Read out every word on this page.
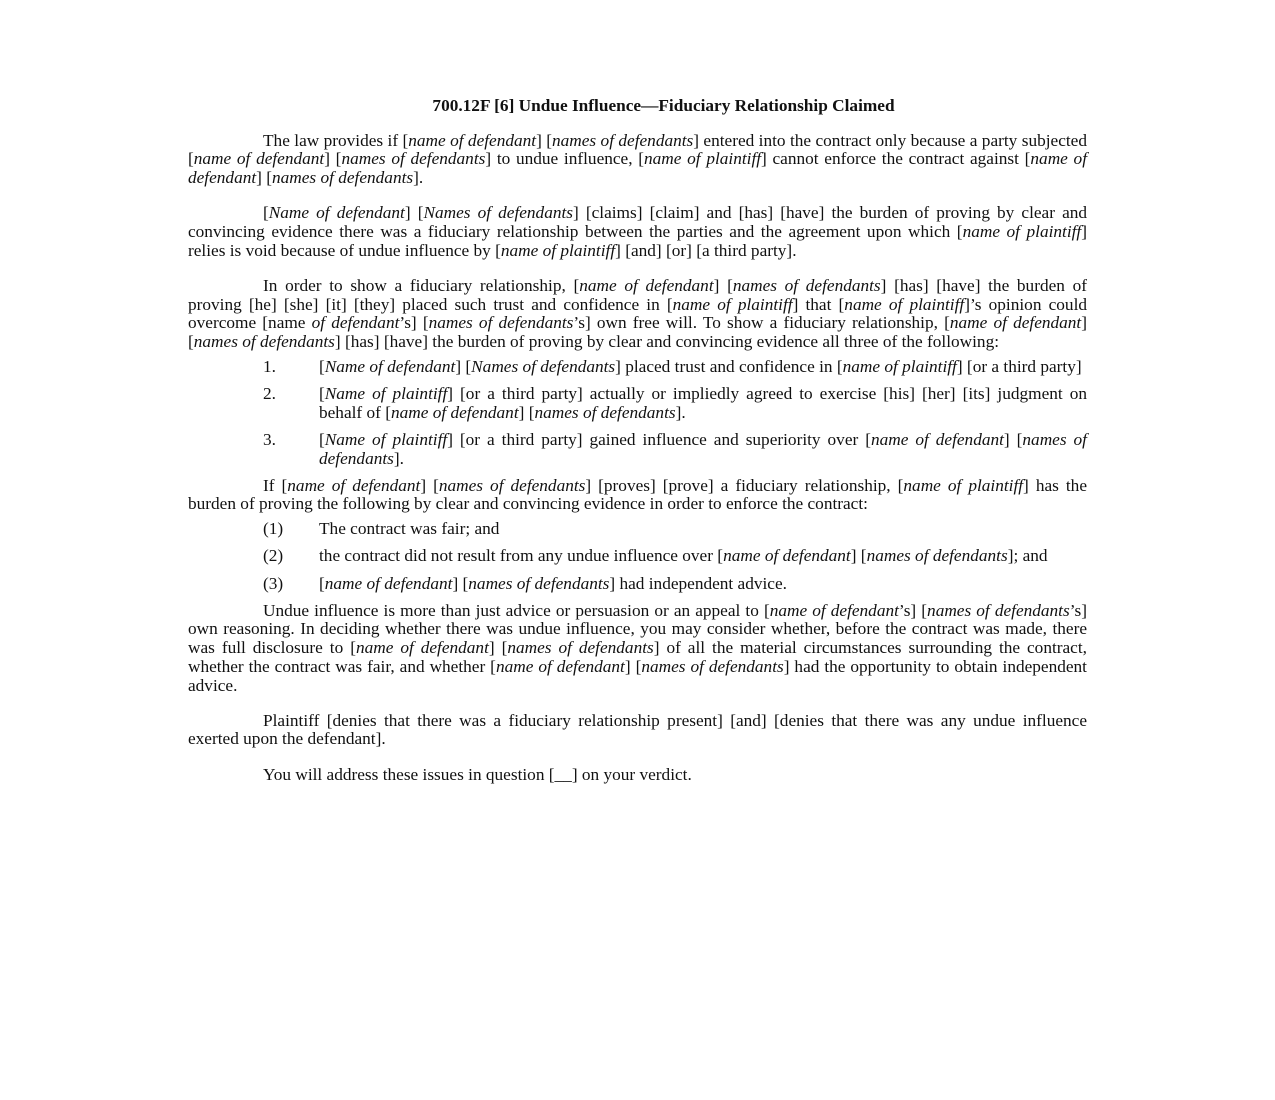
700.12F [6] Undue Influence—Fiduciary Relationship Claimed

The law provides if [name of defendant] [names of defendants] entered into the contract only because a party subjected [name of defendant] [names of defendants] to undue influence, [name of plaintiff] cannot enforce the contract against [name of defendant] [names of defendants].

[Name of defendant] [Names of defendants] [claims] [claim] and [has] [have] the burden of proving by clear and convincing evidence there was a fiduciary relationship between the parties and the agreement upon which [name of plaintiff] relies is void because of undue influence by [name of plaintiff] [and] [or] [a third party].

In order to show a fiduciary relationship, [name of defendant] [names of defendants] [has] [have] the burden of proving [he] [she] [it] [they] placed such trust and confidence in [name of plaintiff] that [name of plaintiff]’s opinion could overcome [name of defendant’s] [names of defendants’s] own free will. To show a fiduciary relationship, [name of defendant] [names of defendants] [has] [have] the burden of proving by clear and convincing evidence all three of the following:

1. [Name of defendant] [Names of defendants] placed trust and confidence in [name of plaintiff] [or a third party]
2. [Name of plaintiff] [or a third party] actually or impliedly agreed to exercise [his] [her] [its] judgment on behalf of [name of defendant] [names of defendants].
3. [Name of plaintiff] [or a third party] gained influence and superiority over [name of defendant] [names of defendants].

If [name of defendant] [names of defendants] [proves] [prove] a fiduciary relationship, [name of plaintiff] has the burden of proving the following by clear and convincing evidence in order to enforce the contract:

(1) The contract was fair; and
(2) the contract did not result from any undue influence over [name of defendant] [names of defendants]; and
(3) [name of defendant] [names of defendants] had independent advice.

Undue influence is more than just advice or persuasion or an appeal to [name of defendant’s] [names of defendants’s] own reasoning. In deciding whether there was undue influence, you may consider whether, before the contract was made, there was full disclosure to [name of defendant] [names of defendants] of all the material circumstances surrounding the contract, whether the contract was fair, and whether [name of defendant] [names of defendants] had the opportunity to obtain independent advice.

Plaintiff [denies that there was a fiduciary relationship present] [and] [denies that there was any undue influence exerted upon the defendant].

You will address these issues in question [__] on your verdict.
